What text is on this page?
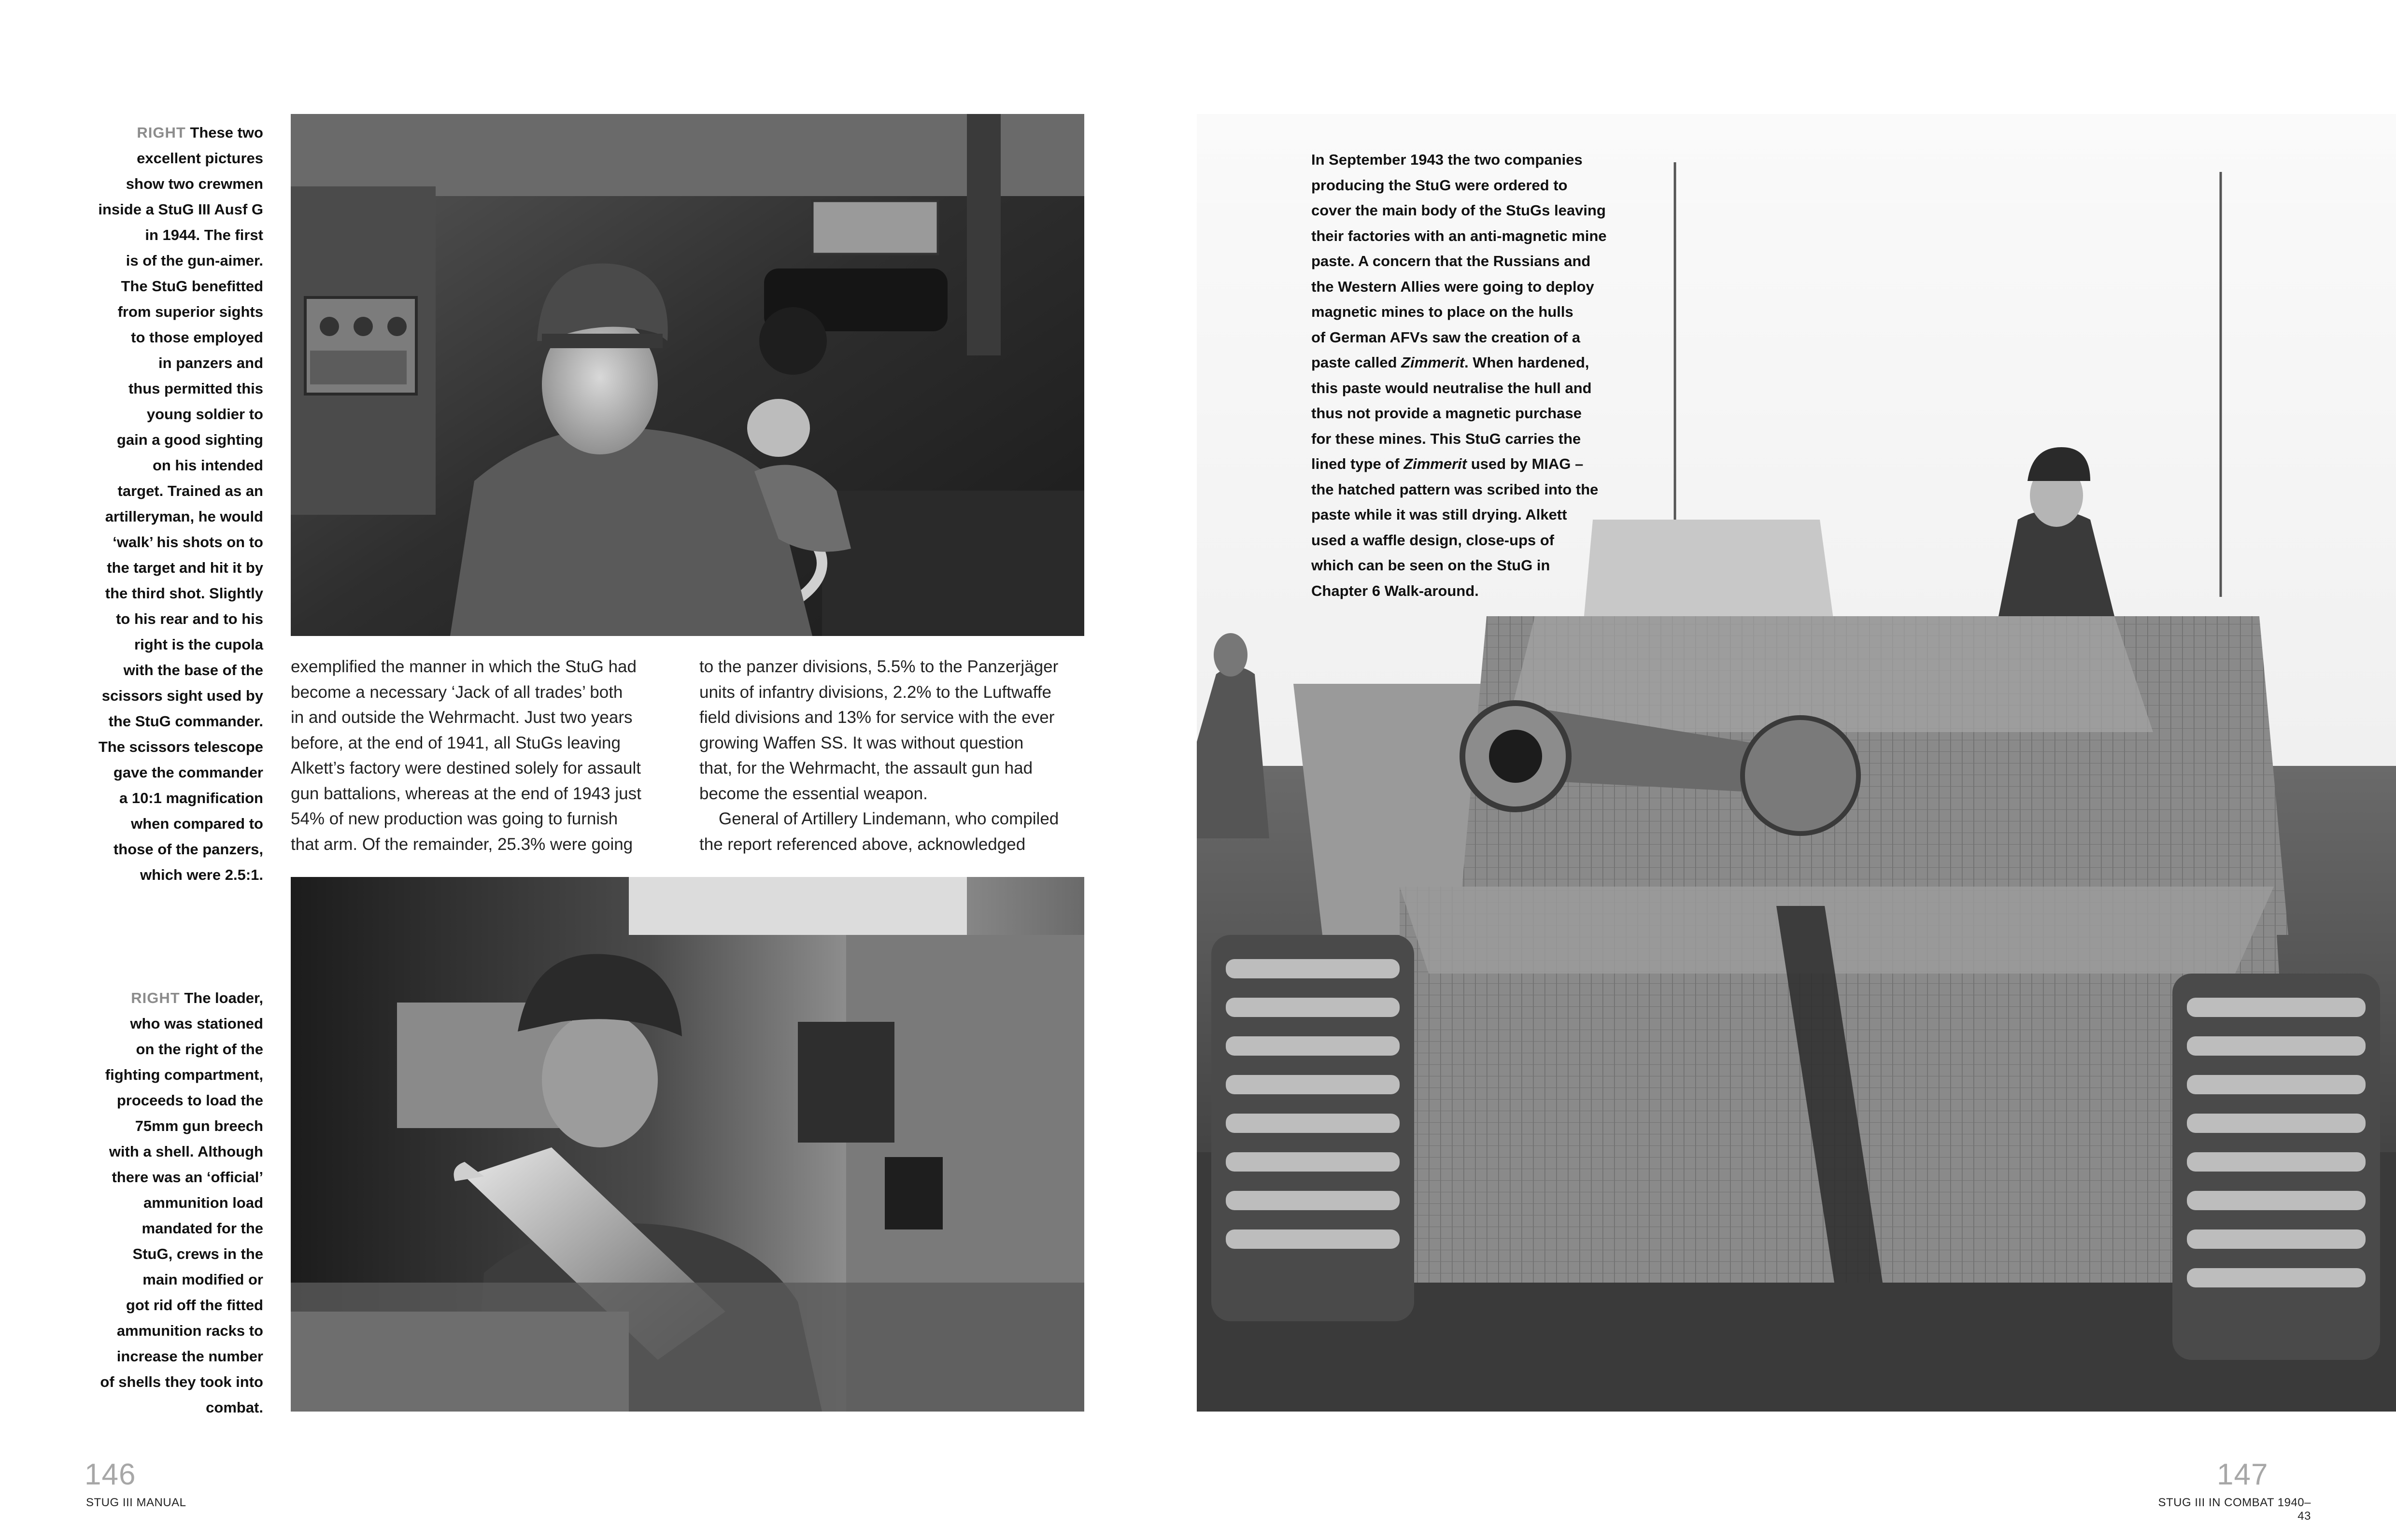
RIGHT These two
excellent pictures
show two crewmen
inside a StuG III Ausf G
in 1944. The first
is of the gun-aimer.
The StuG benefitted
from superior sights
to those employed
in panzers and
thus permitted this
young soldier to
gain a good sighting
on his intended
target. Trained as an
artilleryman, he would
‘walk’ his shots on to
the target and hit it by
the third shot. Slightly
to his rear and to his
right is the cupola
with the base of the
scissors sight used by
the StuG commander.
The scissors telescope
gave the commander
a 10:1 magnification
when compared to
those of the panzers,
which were 2.5:1.
RIGHT The loader,
who was stationed
on the right of the
fighting compartment,
proceeds to load the
75mm gun breech
with a shell. Although
there was an ‘official’
ammunition load
mandated for the
StuG, crews in the
main modified or
got rid off the fitted
ammunition racks to
increase the number
of shells they took into
combat.

exemplified the manner in which the StuG had

become a necessary ‘Jack of all trades’ both

in and outside the Wehrmacht. Just two years

before, at the end of 1941, all StuGs leaving

Alkett’s factory were destined solely for assault

gun battalions, whereas at the end of 1943 just

54% of new production was going to furnish

that arm. Of the remainder, 25.3% were going

to the panzer divisions, 5.5% to the Panzerjäger

units of infantry divisions, 2.2% to the Luftwaffe

field divisions and 13% for service with the ever

growing Waffen SS. It was without question

that, for the Wehrmacht, the assault gun had

become the essential weapon.

General of Artillery Lindemann, who compiled

the report referenced above, acknowledged

146
STUG III MANUAL
In September 1943 the two companies
producing the StuG were ordered to
cover the main body of the StuGs leaving
their factories with an anti-magnetic mine
paste. A concern that the Russians and
the Western Allies were going to deploy
magnetic mines to place on the hulls
of German AFVs saw the creation of a
paste called Zimmerit. When hardened,
this paste would neutralise the hull and
thus not provide a magnetic purchase
for these mines. This StuG carries the
lined type of Zimmerit used by MIAG –
the hatched pattern was scribed into the
paste while it was still drying. Alkett
used a waffle design, close-ups of
which can be seen on the StuG in
Chapter 6 Walk-around.
147
STUG III IN COMBAT 1940–43
